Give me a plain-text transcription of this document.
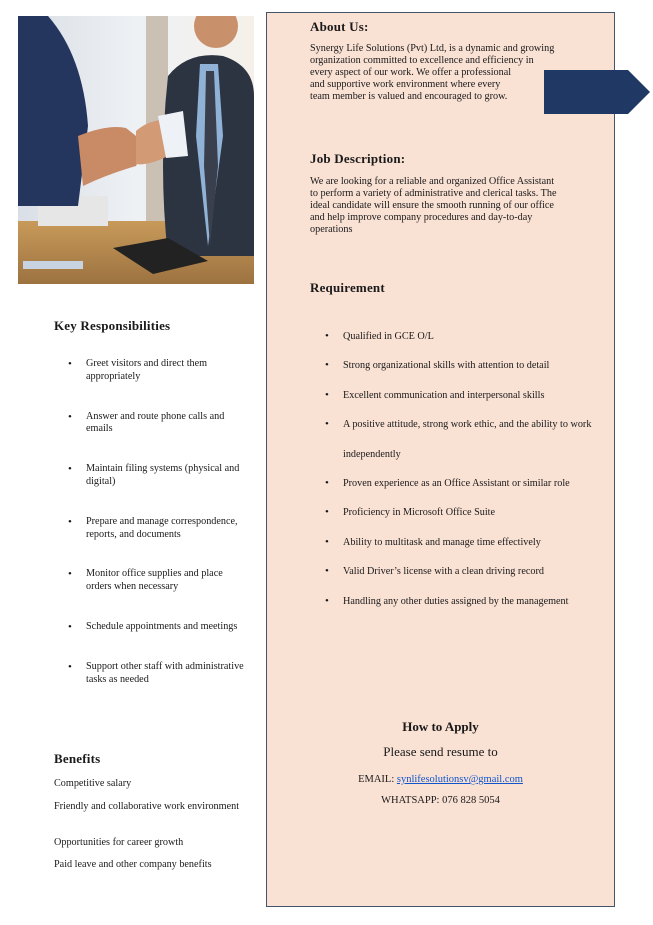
About Us:
Synergy Life Solutions (Pvt) Ltd, is a dynamic and growing
organization committed to excellence and efficiency in
every aspect of our work. We offer a professional
and supportive work environment where every
team member is valued and encouraged to grow.
Job Description:
We are looking for a reliable and organized Office Assistant
to perform a variety of administrative and clerical tasks. The
ideal candidate will ensure the smooth running of our office
and help improve company procedures and day-to-day
operations
Requirement
• Qualified in GCE O/L
• Strong organizational skills with attention to detail
• Excellent communication and interpersonal skills
• A positive attitude, strong work ethic, and the ability to work independently
• Proven experience as an Office Assistant or similar role
• Proficiency in Microsoft Office Suite
• Ability to multitask and manage time effectively
• Valid Driver’s license with a clean driving record
• Handling any other duties assigned by the management
How to Apply
Please send resume to
EMAIL: synlifesolutionsv@gmail.com
WHATSAPP: 076 828 5054
Key Responsibilities
• Greet visitors and direct them appropriately
• Answer and route phone calls and emails
• Maintain filing systems (physical and digital)
• Prepare and manage correspondence, reports, and documents
• Monitor office supplies and place orders when necessary
• Schedule appointments and meetings
• Support other staff with administrative tasks as needed
Benefits
Competitive salary
Friendly and collaborative work environment
Opportunities for career growth
Paid leave and other company benefits
